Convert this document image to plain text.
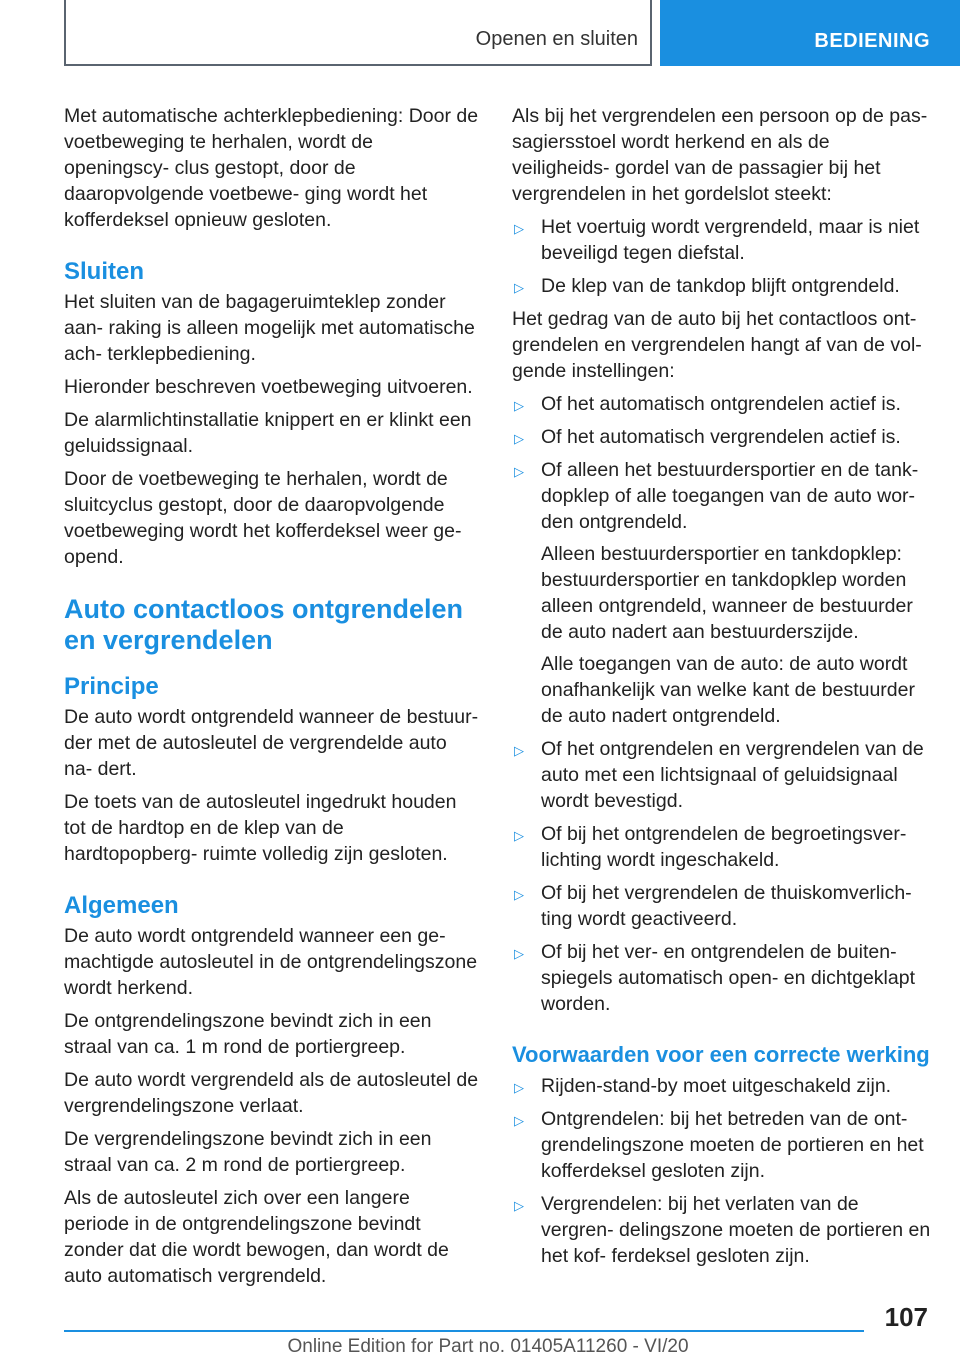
Openen en sluiten	BEDIENING

Met automatische achterklepbediening: Door de voetbeweging te herhalen, wordt de openingscy- clus gestopt, door de daaropvolgende voetbewe- ging wordt het kofferdeksel opnieuw gesloten.

Sluiten

Het sluiten van de bagageruimteklep zonder aan- raking is alleen mogelijk met automatische ach- terklepbediening.

Hieronder beschreven voetbeweging uitvoeren.

De alarmlichtinstallatie knippert en er klinkt een geluidssignaal.

Door de voetbeweging te herhalen, wordt de sluitcyclus gestopt, door de daaropvolgende voetbeweging wordt het kofferdeksel weer ge- opend.

Auto contactloos ontgrendelen en vergrendelen
Principe

De auto wordt ontgrendeld wanneer de bestuur- der met de autosleutel de vergrendelde auto na- dert.

De toets van de autosleutel ingedrukt houden tot de hardtop en de klep van de hardtopopberg- ruimte volledig zijn gesloten.

Algemeen

De auto wordt ontgrendeld wanneer een ge- machtigde autosleutel in de ontgrendelingszone wordt herkend.

De ontgrendelingszone bevindt zich in een straal van ca. 1 m rond de portiergreep.

De auto wordt vergrendeld als de autosleutel de vergrendelingszone verlaat.

De vergrendelingszone bevindt zich in een straal van ca. 2 m rond de portiergreep.

Als de autosleutel zich over een langere periode in de ontgrendelingszone bevindt zonder dat die wordt bewogen, dan wordt de auto automatisch vergrendeld.

Als bij het vergrendelen een persoon op de pas- sagiersstoel wordt herkend en als de veiligheids- gordel van de passagier bij het vergrendelen in het gordelslot steekt:

▷ Het voertuig wordt vergrendeld, maar is niet beveiligd tegen diefstal.
▷ De klep van de tankdop blijft ontgrendeld.

Het gedrag van de auto bij het contactloos ont- grendelen en vergrendelen hangt af van de vol- gende instellingen:

▷ Of het automatisch ontgrendelen actief is.
▷ Of het automatisch vergrendelen actief is.
▷ Of alleen het bestuurdersportier en de tank- dopklep of alle toegangen van de auto wor- den ontgrendeld.
Alleen bestuurdersportier en tankdopklep: bestuurdersportier en tankdopklep worden alleen ontgrendeld, wanneer de bestuurder de auto nadert aan bestuurderszijde.
Alle toegangen van de auto: de auto wordt onafhankelijk van welke kant de bestuurder de auto nadert ontgrendeld.
▷ Of het ontgrendelen en vergrendelen van de auto met een lichtsignaal of geluidsignaal wordt bevestigd.
▷ Of bij het ontgrendelen de begroetingsver- lichting wordt ingeschakeld.
▷ Of bij het vergrendelen de thuiskomverlich- ting wordt geactiveerd.
▷ Of bij het ver- en ontgrendelen de buiten- spiegels automatisch open- en dichtgeklapt worden.
Voorwaarden voor een correcte werking
▷ Rijden-stand-by moet uitgeschakeld zijn.
▷ Ontgrendelen: bij het betreden van de ont- grendelingszone moeten de portieren en het kofferdeksel gesloten zijn.
▷ Vergrendelen: bij het verlaten van de vergren- delingszone moeten de portieren en het kof- ferdeksel gesloten zijn.
107
Online Edition for Part no. 01405A11260 - VI/20
